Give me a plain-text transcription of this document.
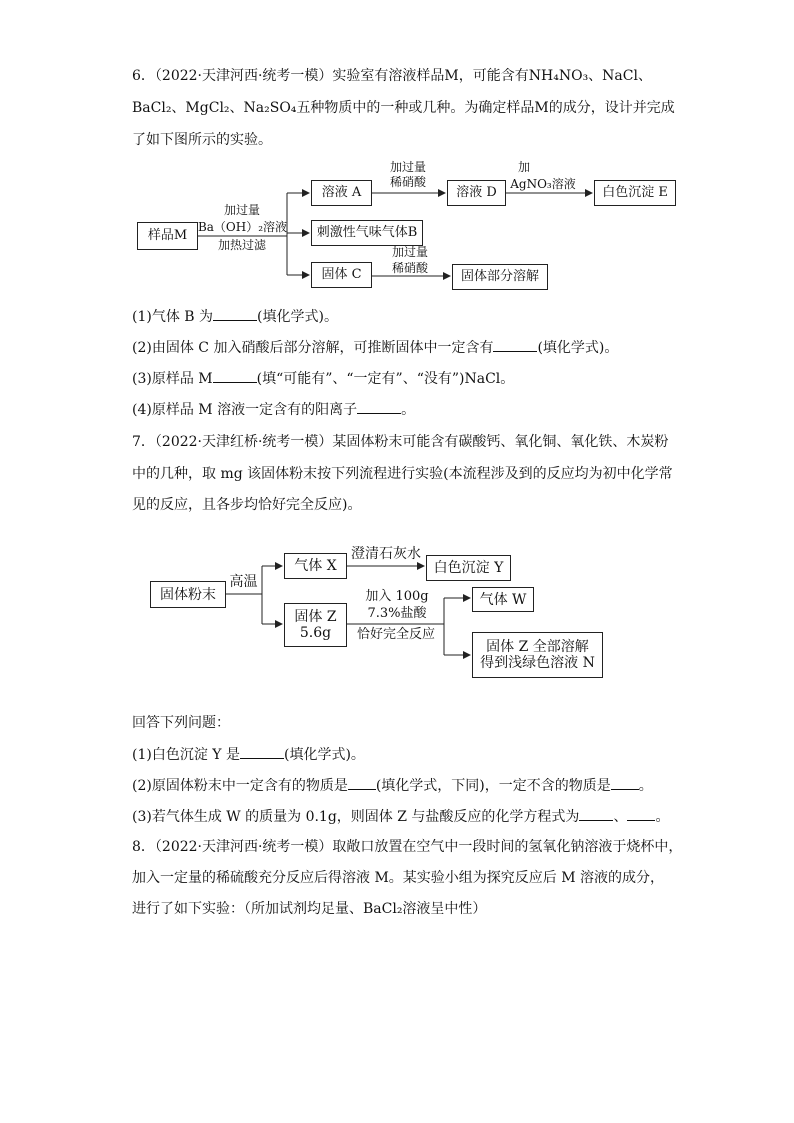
6．（2022·天津河西·统考一模）实验室有溶液样品M，可能含有NH₄NO₃、NaCl、
BaCl₂、MgCl₂、Na₂SO₄五种物质中的一种或几种。为确定样品M的成分，设计并完成
了如下图所示的实验。
样品M
加过量
Ba（OH）₂溶液
加热过滤
溶液 A
加过量
稀硝酸
溶液 D
加
AgNO₃溶液
白色沉淀 E
刺激性气味气体B
固体 C
加过量
稀硝酸
固体部分溶解
(1)气体 B 为	(填化学式)。
(2)由固体 C 加入硝酸后部分溶解，可推断固体中一定含有	(填化学式)。
(3)原样品 M	(填“可能有”、“一定有”、“没有”)NaCl。
(4)原样品 M 溶液一定含有的阳离子	。
7．（2022·天津红桥·统考一模）某固体粉末可能含有碳酸钙、氧化铜、氧化铁、木炭粉
中的几种，取 mg 该固体粉末按下列流程进行实验(本流程涉及到的反应均为初中化学常
见的反应，且各步均恰好完全反应)。
固体粉末
高温
气体 X
澄清石灰水
白色沉淀 Y
固体 Z
5.6g
加入 100g
7.3%盐酸
恰好完全反应
气体 W
固体 Z 全部溶解
得到浅绿色溶液 N
回答下列问题：
(1)白色沉淀 Y 是	(填化学式)。
(2)原固体粉末中一定含有的物质是 (填化学式，下同)，一定不含的物质是 。
(3)若气体生成 W 的质量为 0.1g，则固体 Z 与盐酸反应的化学方程式为 、 。
8．（2022·天津河西·统考一模）取敞口放置在空气中一段时间的氢氧化钠溶液于烧杯中，
加入一定量的稀硫酸充分反应后得溶液 M。某实验小组为探究反应后 M 溶液的成分，
进行了如下实验：（所加试剂均足量、BaCl₂溶液呈中性）
